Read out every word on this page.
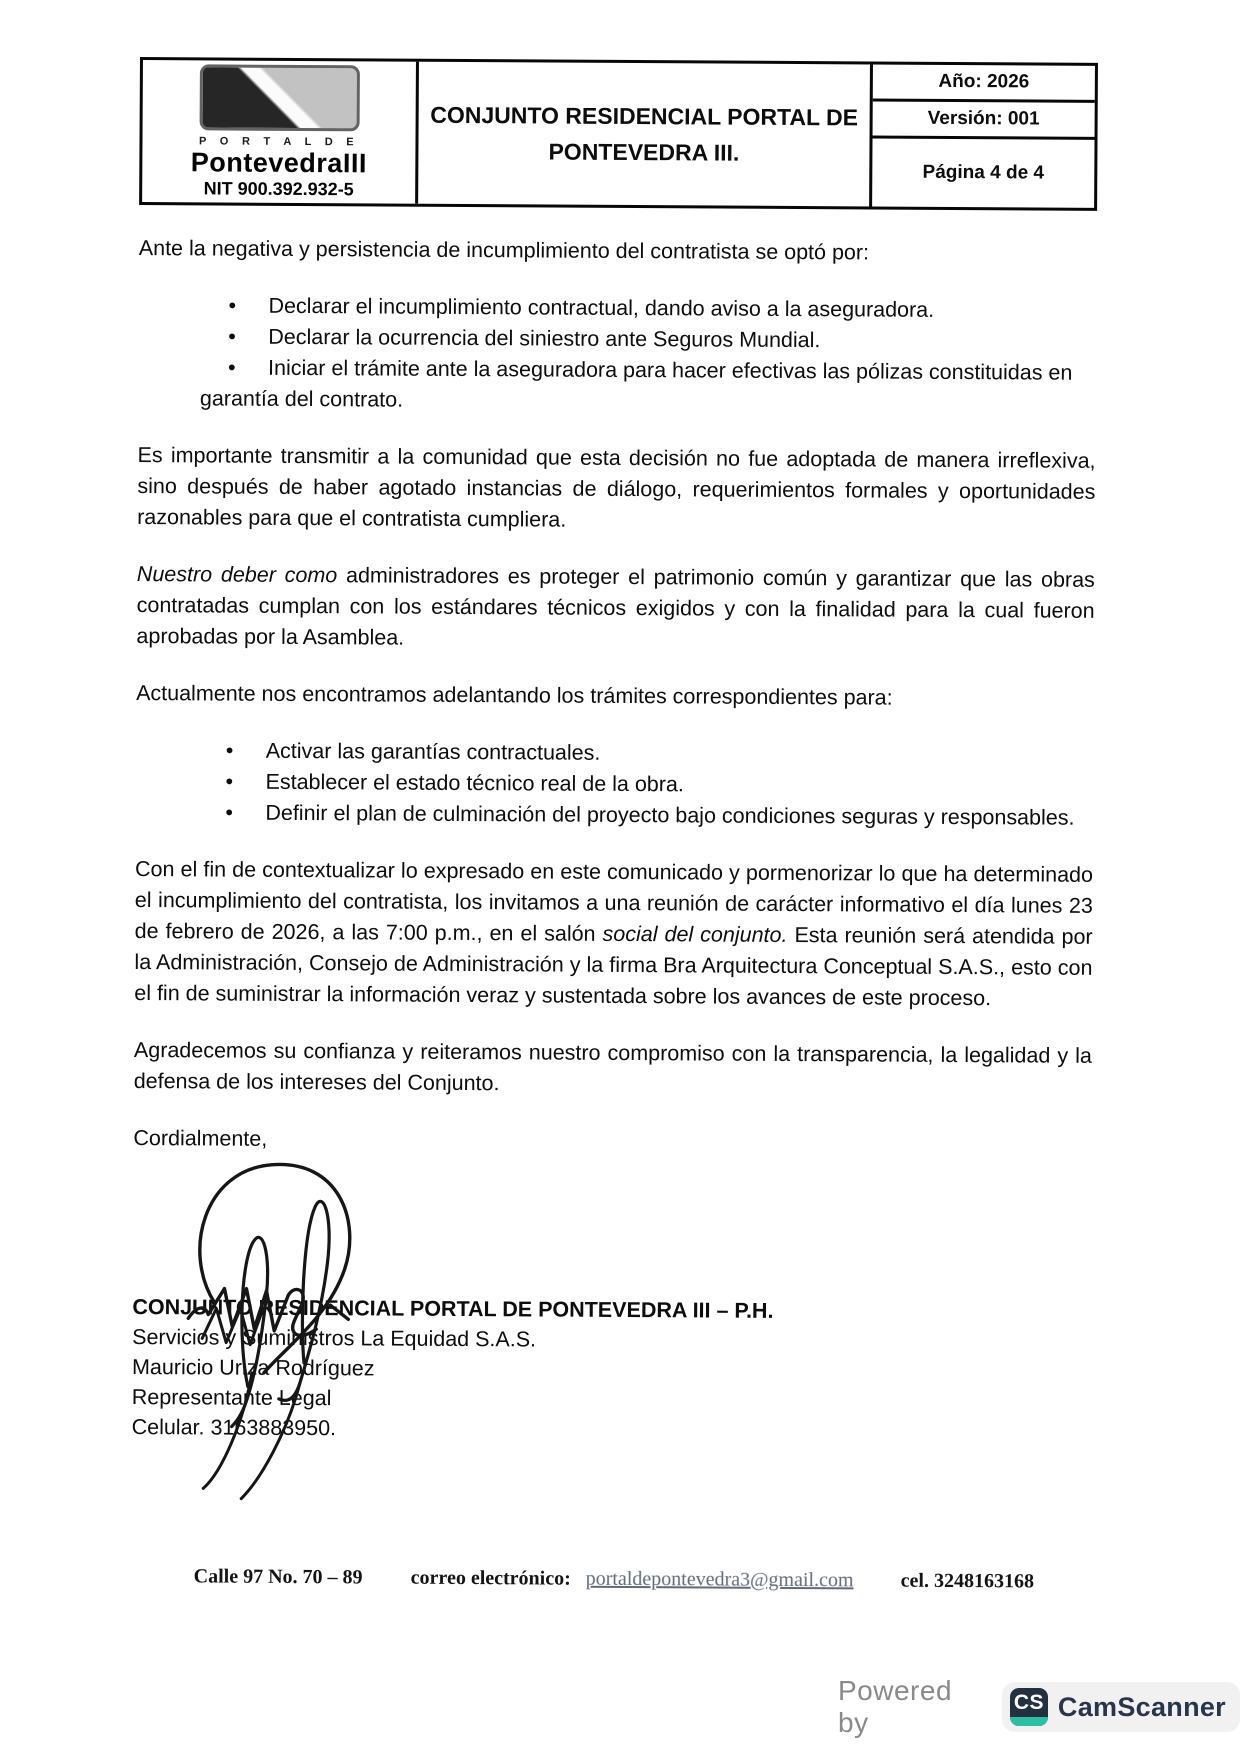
P O R T A L D E
PontevedraIII
NIT 900.392.932-5
CONJUNTO RESIDENCIAL PORTAL DE
PONTEVEDRA III.
Año: 2026
Versión: 001
Página 4 de 4

Ante la negativa y persistencia de incumplimiento del contratista se optó por:

• Declarar el incumplimiento contractual, dando aviso a la aseguradora.
• Declarar la ocurrencia del siniestro ante Seguros Mundial.
• Iniciar el trámite ante la aseguradora para hacer efectivas las pólizas constituidas en garantía del contrato.

Es importante transmitir a la comunidad que esta decisión no fue adoptada de manera irreflexiva, sino después de haber agotado instancias de diálogo, requerimientos formales y oportunidades razonables para que el contratista cumpliera.

Nuestro deber como administradores es proteger el patrimonio común y garantizar que las obras contratadas cumplan con los estándares técnicos exigidos y con la finalidad para la cual fueron aprobadas por la Asamblea.

Actualmente nos encontramos adelantando los trámites correspondientes para:

• Activar las garantías contractuales.
• Establecer el estado técnico real de la obra.
• Definir el plan de culminación del proyecto bajo condiciones seguras y responsables.

Con el fin de contextualizar lo expresado en este comunicado y pormenorizar lo que ha determinado el incumplimiento del contratista, los invitamos a una reunión de carácter informativo el día lunes 23 de febrero de 2026, a las 7:00 p.m., en el salón social del conjunto. Esta reunión será atendida por la Administración, Consejo de Administración y la firma Bra Arquitectura Conceptual S.A.S., esto con el fin de suministrar la información veraz y sustentada sobre los avances de este proceso.

Agradecemos su confianza y reiteramos nuestro compromiso con la transparencia, la legalidad y la defensa de los intereses del Conjunto.

Cordialmente,

CONJUNTO RESIDENCIAL PORTAL DE PONTEVEDRA III – P.H.
Servicios y Suministros La Equidad S.A.S.
Mauricio Uriza Rodríguez
Representante Legal
Celular. 3163883950.
Calle 97 No. 70 – 89 correo electrónico: portaldepontevedra3@gmail.com cel. 3248163168
Powered by
CS CamScanner
